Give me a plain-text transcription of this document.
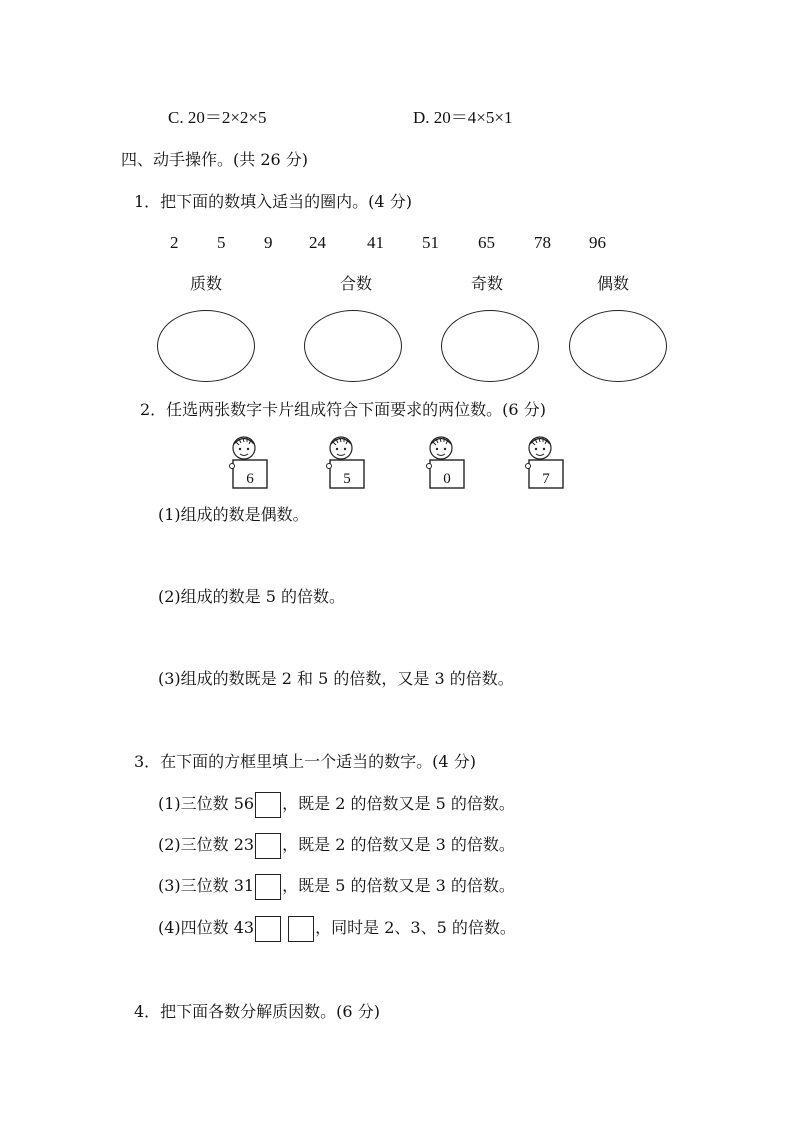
C. 20＝2×2×5	D. 20＝4×5×1
四、动手操作。(共 26 分)
1．把下面的数填入适当的圈内。(4 分)
2 5 9 24 41 51 65 78 96
质数	合数	奇数	偶数
2．任选两张数字卡片组成符合下面要求的两位数。(6 分)
6	5	0	7
(1)组成的数是偶数。
(2)组成的数是 5 的倍数。
(3)组成的数既是 2 和 5 的倍数，又是 3 的倍数。
3．在下面的方框里填上一个适当的数字。(4 分)
(1)三位数 56 ，既是 2 的倍数又是 5 的倍数。
(2)三位数 23 ，既是 2 的倍数又是 3 的倍数。
(3)三位数 31 ，既是 5 的倍数又是 3 的倍数。
(4)四位数 43	，同时是 2、3、5 的倍数。
4．把下面各数分解质因数。(6 分)
